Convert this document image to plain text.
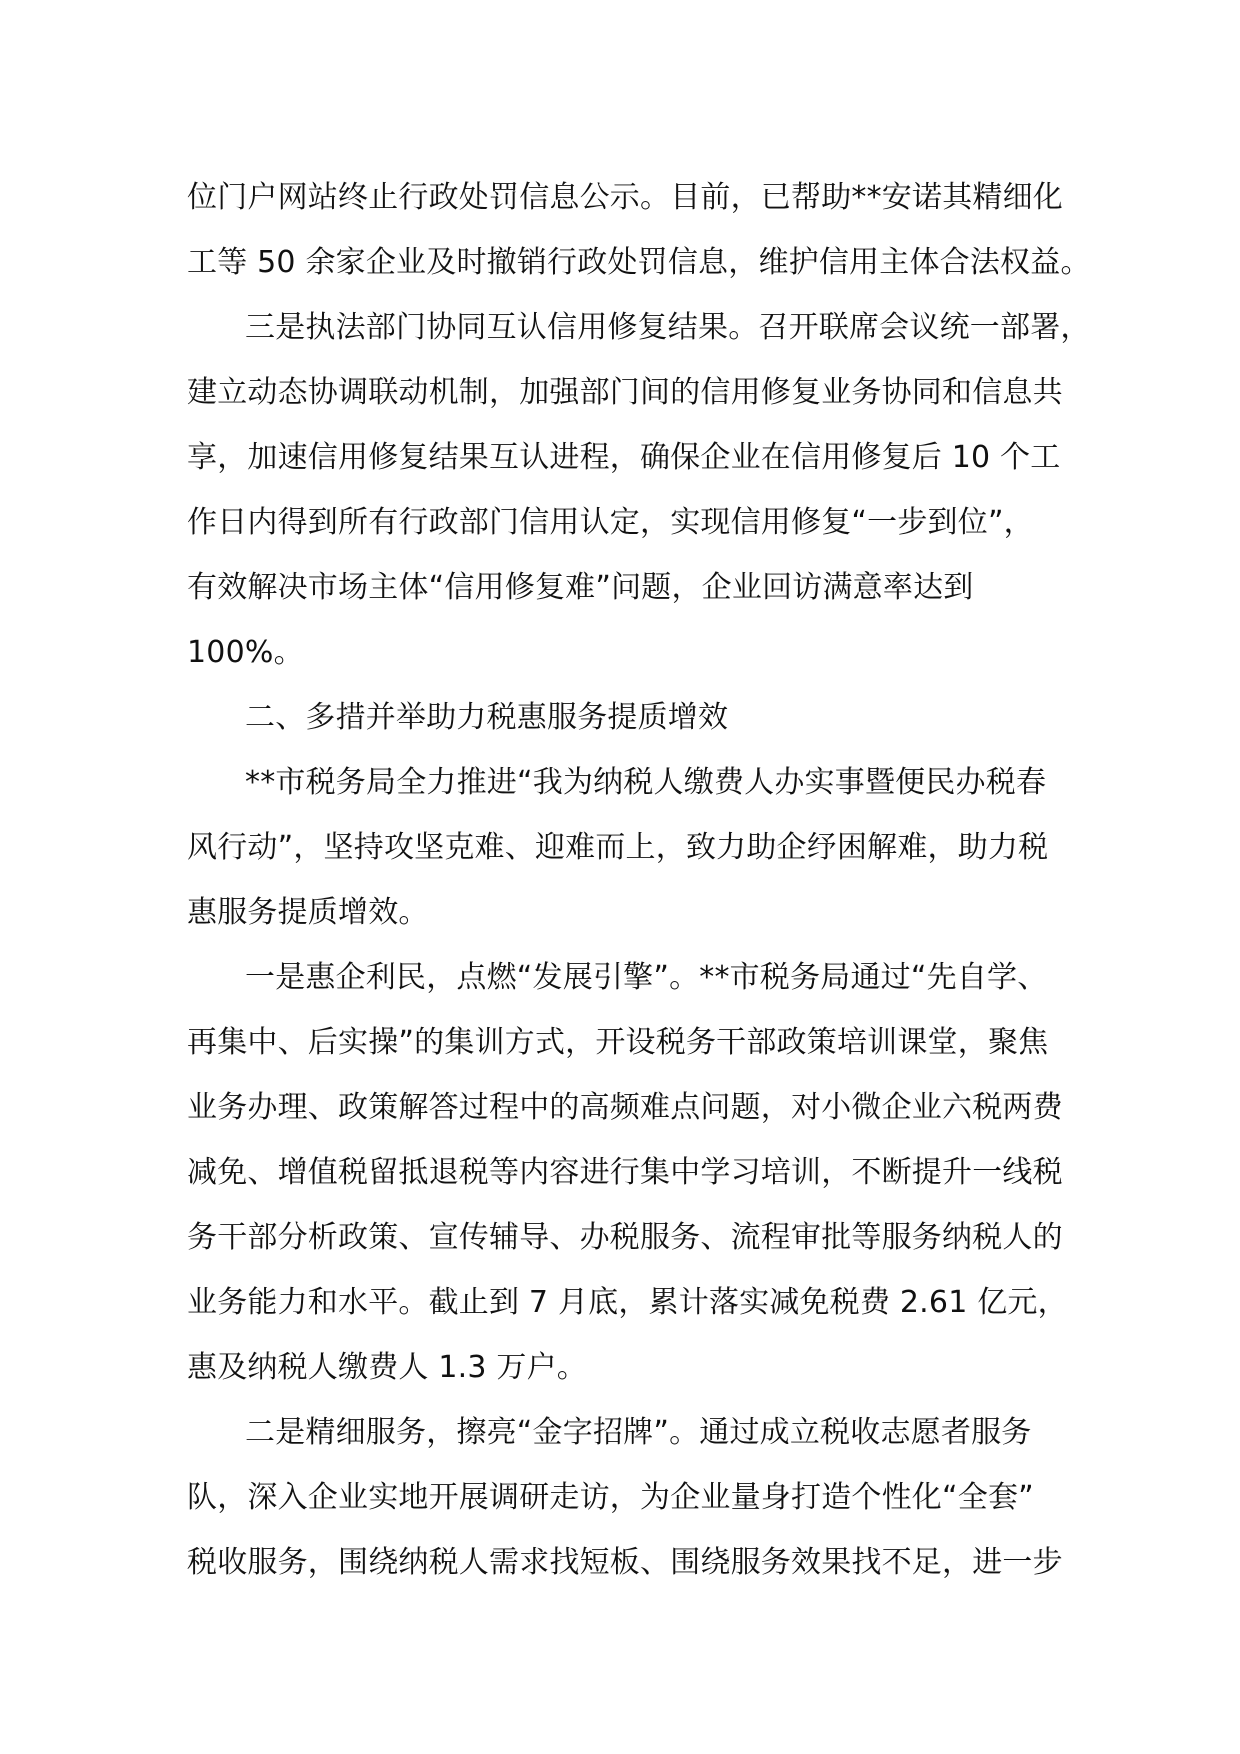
位门户网站终止行政处罚信息公示。目前，已帮助**安诺其精细化
工等 50 余家企业及时撤销行政处罚信息，维护信用主体合法权益。
三是执法部门协同互认信用修复结果。召开联席会议统一部署，
建立动态协调联动机制，加强部门间的信用修复业务协同和信息共
享，加速信用修复结果互认进程，确保企业在信用修复后 10 个工
作日内得到所有行政部门信用认定，实现信用修复“一步到位”，
有效解决市场主体“信用修复难”问题，企业回访满意率达到
100%。
二、多措并举助力税惠服务提质增效
**市税务局全力推进“我为纳税人缴费人办实事暨便民办税春
风行动”，坚持攻坚克难、迎难而上，致力助企纾困解难，助力税
惠服务提质增效。
一是惠企利民，点燃“发展引擎”。**市税务局通过“先自学、
再集中、后实操”的集训方式，开设税务干部政策培训课堂，聚焦
业务办理、政策解答过程中的高频难点问题，对小微企业六税两费
减免、增值税留抵退税等内容进行集中学习培训，不断提升一线税
务干部分析政策、宣传辅导、办税服务、流程审批等服务纳税人的
业务能力和水平。截止到 7 月底，累计落实减免税费 2.61 亿元，
惠及纳税人缴费人 1.3 万户。
二是精细服务，擦亮“金字招牌”。通过成立税收志愿者服务
队，深入企业实地开展调研走访，为企业量身打造个性化“全套”
税收服务，围绕纳税人需求找短板、围绕服务效果找不足，进一步
